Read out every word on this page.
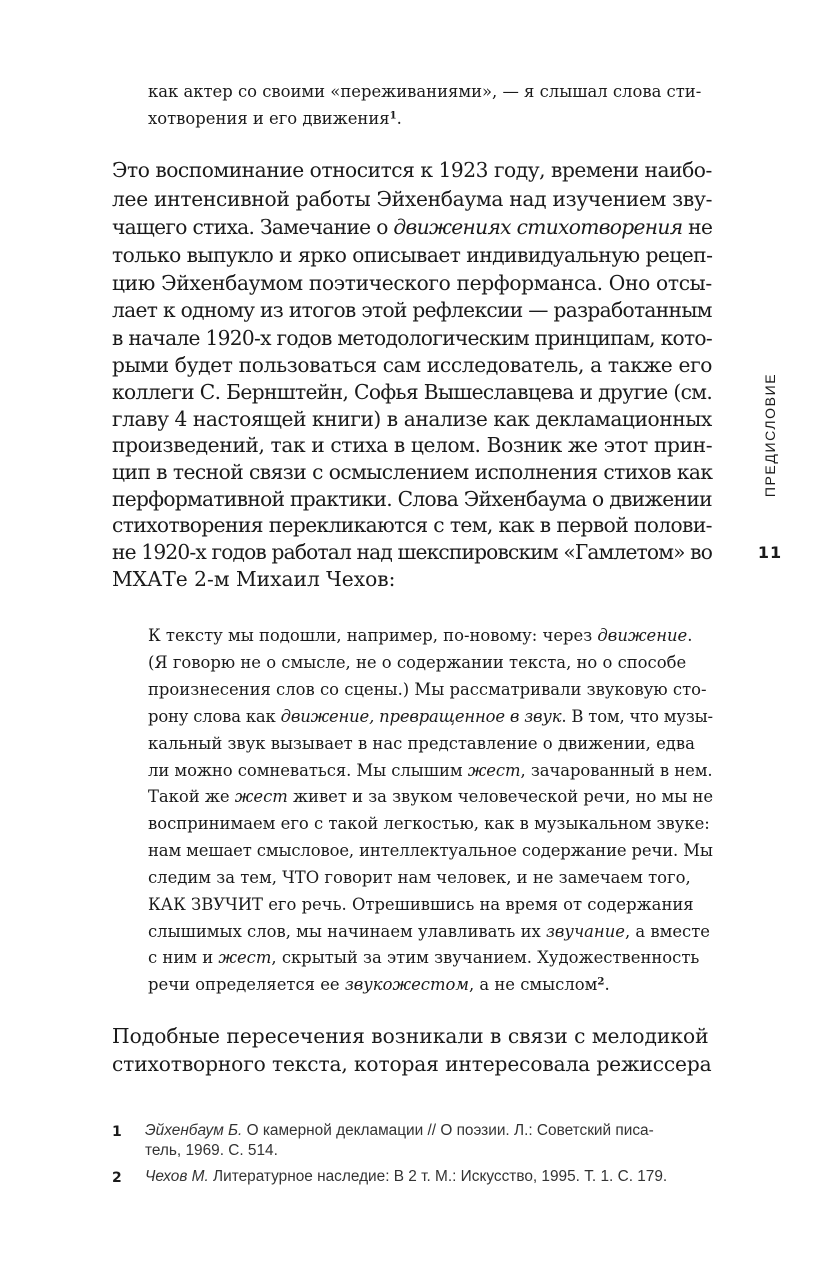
как актер со своими «переживаниями», — я слышал слова сти-
хотворения и его движения$^1$.
Это воспоминание относится к 1923 году, времени наибо-
лее интенсивной работы Эйхенбаума над изучением зву-
чащего стиха. Замечание о движениях стихотворения не
только выпукло и ярко описывает индивидуальную рецеп-
цию Эйхенбаумом поэтического перформанса. Оно отсы-
лает к одному из итогов этой рефлексии — разработанным
в начале 1920-х годов методологическим принципам, кото-
рыми будет пользоваться сам исследователь, а также его
коллеги С. Бернштейн, Софья Вышеславцева и другие (см.
главу 4 настоящей книги) в анализе как декламационных
произведений, так и стиха в целом. Возник же этот прин-
цип в тесной связи с осмыслением исполнения стихов как
перформативной практики. Слова Эйхенбаума о движении
стихотворения перекликаются с тем, как в первой полови-
не 1920-х годов работал над шекспировским «Гамлетом» во
МХАТе 2-м Михаил Чехов:
К тексту мы подошли, например, по-новому: через движение.
(Я говорю не о смысле, не о содержании текста, но о способе
произнесения слов со сцены.) Мы рассматривали звуковую сто-
рону слова как движение, превращенное в звук. В том, что музы-
кальный звук вызывает в нас представление о движении, едва
ли можно сомневаться. Мы слышим жест, зачарованный в нем.
Такой же жест живет и за звуком человеческой речи, но мы не
воспринимаем его с такой легкостью, как в музыкальном звуке:
нам мешает смысловое, интеллектуальное содержание речи. Мы
следим за тем, ЧТО говорит нам человек, и не замечаем того,
КАК ЗВУЧИТ его речь. Отрешившись на время от содержания
слышимых слов, мы начинаем улавливать их звучание, а вместе
с ним и жест, скрытый за этим звучанием. Художественность
речи определяется ее звукожестом, а не смыслом$^2$.
Подобные пересечения возникали в связи с мелодикой
стихотворного текста, которая интересовала режиссера
ПРЕДИСЛОВИЕ
11
1 Эйхенбаум Б. О камерной декламации // О поэзии. Л.: Советский писа-
тель, 1969. С. 514.
2 Чехов М. Литературное наследие: В 2 т. М.: Искусство, 1995. Т. 1. С. 179.
